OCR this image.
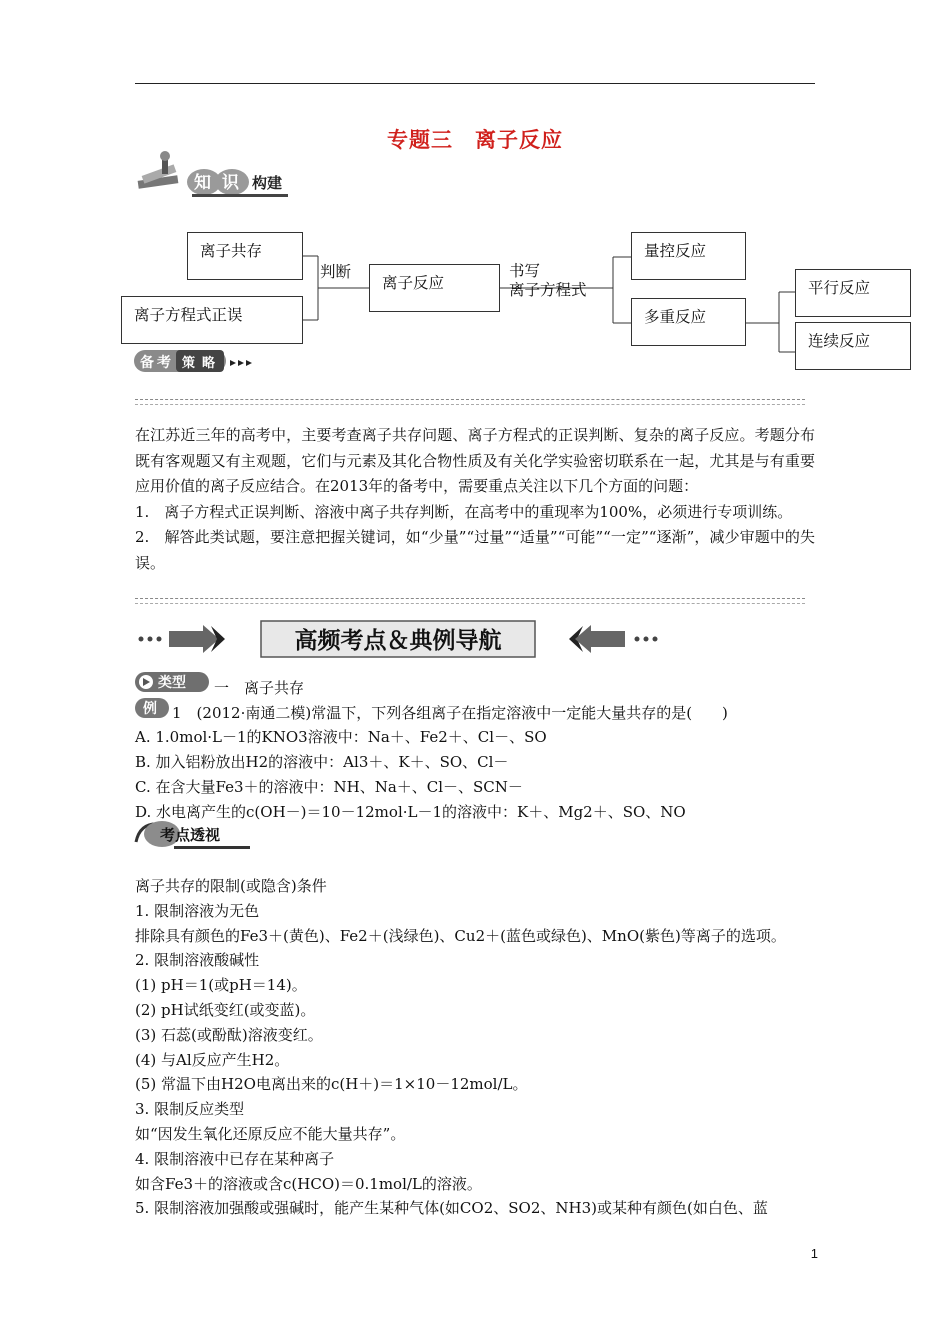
专题三　离子反应
知 识 构建
离子共存
离子方程式正误
判断
离子反应
书写
离子方程式
量控反应
多重反应
平行反应
连续反应
备 考 策 略

在江苏近三年的高考中，主要考查离子共存问题、离子方程式的正误判断、复杂的离子反应。考题分布既有客观题又有主观题，它们与元素及其化合物性质及有关化学实验密切联系在一起，尤其是与有重要应用价值的离子反应结合。在2013年的备考中，需要重点关注以下几个方面的问题：

1.　离子方程式正误判断、溶液中离子共存判断，在高考中的重现率为100%，必须进行专项训练。

2.　解答此类试题，要注意把握关键词，如“少量”“过量”“适量”“可能”“一定”“逐渐”，减少审题中的失误。

高频考点＆典例导航
类型 一　离子共存
例 1　(2012·南通二模)常温下，下列各组离子在指定溶液中一定能大量共存的是(　　)
A. 1.0mol·L－1的KNO3溶液中：Na＋、Fe2＋、Cl－、SO
B. 加入铝粉放出H2的溶液中：Al3＋、K＋、SO、Cl－
C. 在含大量Fe3＋的溶液中：NH、Na＋、Cl－、SCN－
D. 水电离产生的c(OH－)＝10－12mol·L－1的溶液中：K＋、Mg2＋、SO、NO
考点透视
离子共存的限制(或隐含)条件
1. 限制溶液为无色
排除具有颜色的Fe3＋(黄色)、Fe2＋(浅绿色)、Cu2＋(蓝色或绿色)、MnO(紫色)等离子的选项。
2. 限制溶液酸碱性
(1) pH＝1(或pH＝14)。
(2) pH试纸变红(或变蓝)。
(3) 石蕊(或酚酞)溶液变红。
(4) 与Al反应产生H2。
(5) 常温下由H2O电离出来的c(H＋)＝1×10－12mol/L。
3. 限制反应类型
如“因发生氧化还原反应不能大量共存”。
4. 限制溶液中已存在某种离子
如含Fe3＋的溶液或含c(HCO)＝0.1mol/L的溶液。
5. 限制溶液加强酸或强碱时，能产生某种气体(如CO2、SO2、NH3)或某种有颜色(如白色、蓝
1
